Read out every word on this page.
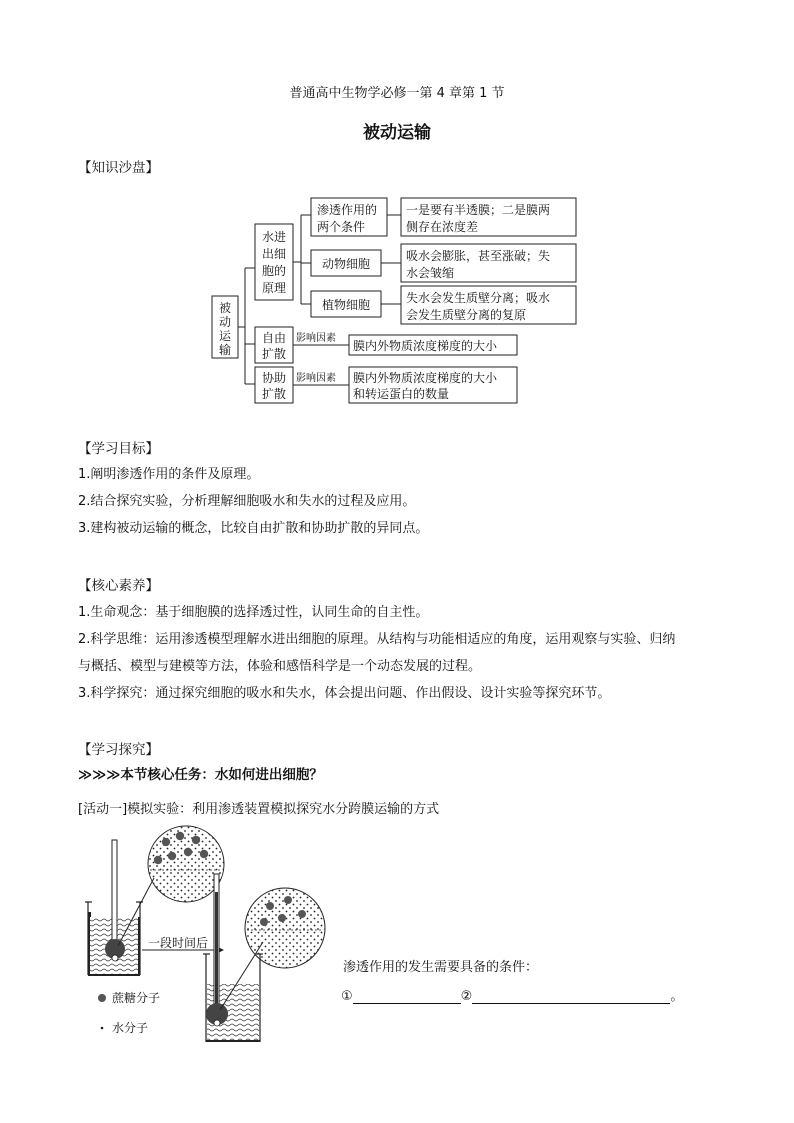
普通高中生物学必修一第 4 章第 1 节
被动运输
【知识沙盘】
被
动
运
输
水进
出细
胞的
原理
渗透作用的
两个条件
一是要有半透膜；二是膜两
侧存在浓度差
动物细胞
吸水会膨胀，甚至涨破；失
水会皱缩
植物细胞	失水会发生质壁分离；吸水
会发生质壁分离的复原
自由
扩散
影响因素
膜内外物质浓度梯度的大小
协助
扩散
影响因素 膜内外物质浓度梯度的大小
和转运蛋白的数量
【学习目标】
1.阐明渗透作用的条件及原理。
2.结合探究实验，分析理解细胞吸水和失水的过程及应用。
3.建构被动运输的概念，比较自由扩散和协助扩散的异同点。
【核心素养】
1.生命观念：基于细胞膜的选择透过性，认同生命的自主性。
2.科学思维：运用渗透模型理解水进出细胞的原理。从结构与功能相适应的角度，运用观察与实验、归纳
与概括、模型与建模等方法，体验和感悟科学是一个动态发展的过程。
3.科学探究：通过探究细胞的吸水和失水，体会提出问题、作出假设、设计实验等探究环节。
【学习探究】
≫≫≫本节核心任务：水如何进出细胞？
[活动一]模拟实验：利用渗透装置模拟探究水分跨膜运输的方式
一段时间后
蔗糖分子
水分子
渗透作用的发生需要具备的条件：
①	②	。
